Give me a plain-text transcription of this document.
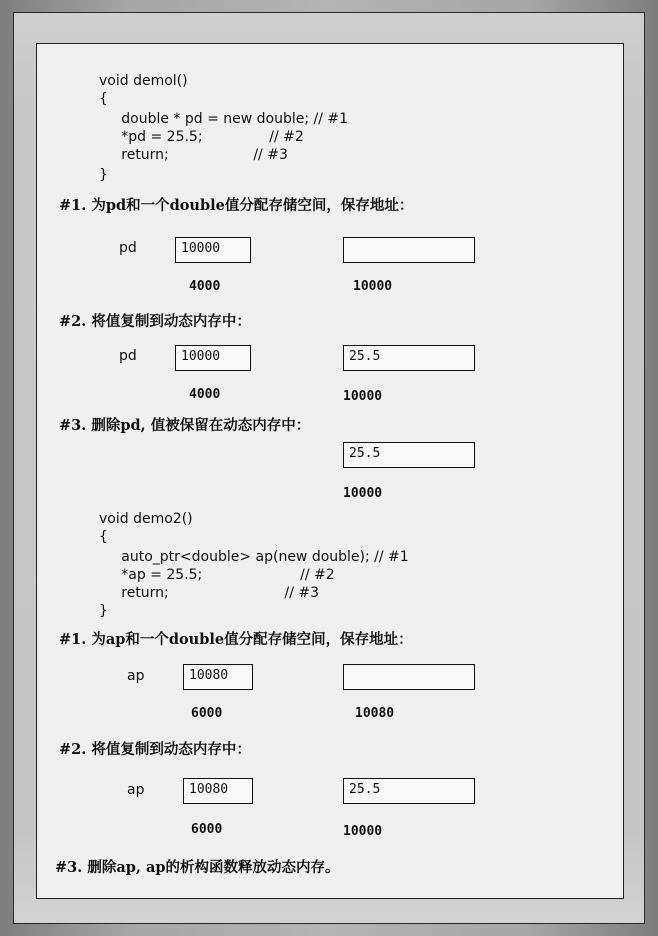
void demol()
{
double * pd = new double; // #1
*pd = 25.5;               // #2
return;                   // #3
}
#1. 为pd和一个double值分配存储空间，保存地址：
pd	10000
4000	10000
#2. 将值复制到动态内存中：
pd	10000	25.5
4000	10000
#3. 删除pd, 值被保留在动态内存中：
25.5
10000
void demo2()
{
auto_ptr<double> ap(new double); // #1
*ap = 25.5;                      // #2
return;                          // #3
}
#1. 为ap和一个double值分配存储空间，保存地址：
ap	10080
6000	10080
#2. 将值复制到动态内存中：
ap	10080	25.5
6000	10000
#3. 删除ap, ap的析构函数释放动态内存。
